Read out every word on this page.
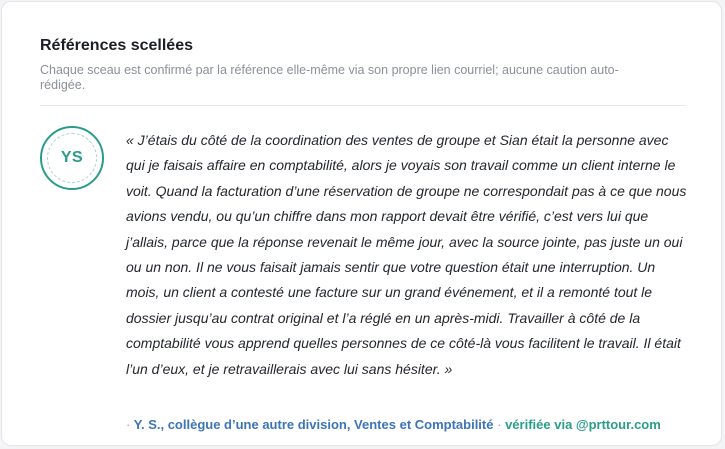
Références scellées

Chaque sceau est confirmé par la référence elle-même via son propre lien courriel; aucune caution auto-rédigée.

YS

« J’étais du côté de la coordination des ventes de groupe et Sian était la personne avec qui je faisais affaire en comptabilité, alors je voyais son travail comme un client interne le voit. Quand la facturation d’une réservation de groupe ne correspondait pas à ce que nous avions vendu, ou qu’un chiffre dans mon rapport devait être vérifié, c’est vers lui que j’allais, parce que la réponse revenait le même jour, avec la source jointe, pas juste un oui ou un non. Il ne vous faisait jamais sentir que votre question était une interruption. Un mois, un client a contesté une facture sur un grand événement, et il a remonté tout le dossier jusqu’au contrat original et l’a réglé en un après-midi. Travailler à côté de la comptabilité vous apprend quelles personnes de ce côté-là vous facilitent le travail. Il était l’un d’eux, et je retravaillerais avec lui sans hésiter. »

· Y. S., collègue d’une autre division, Ventes et Comptabilité · vérifiée via @prttour.com
